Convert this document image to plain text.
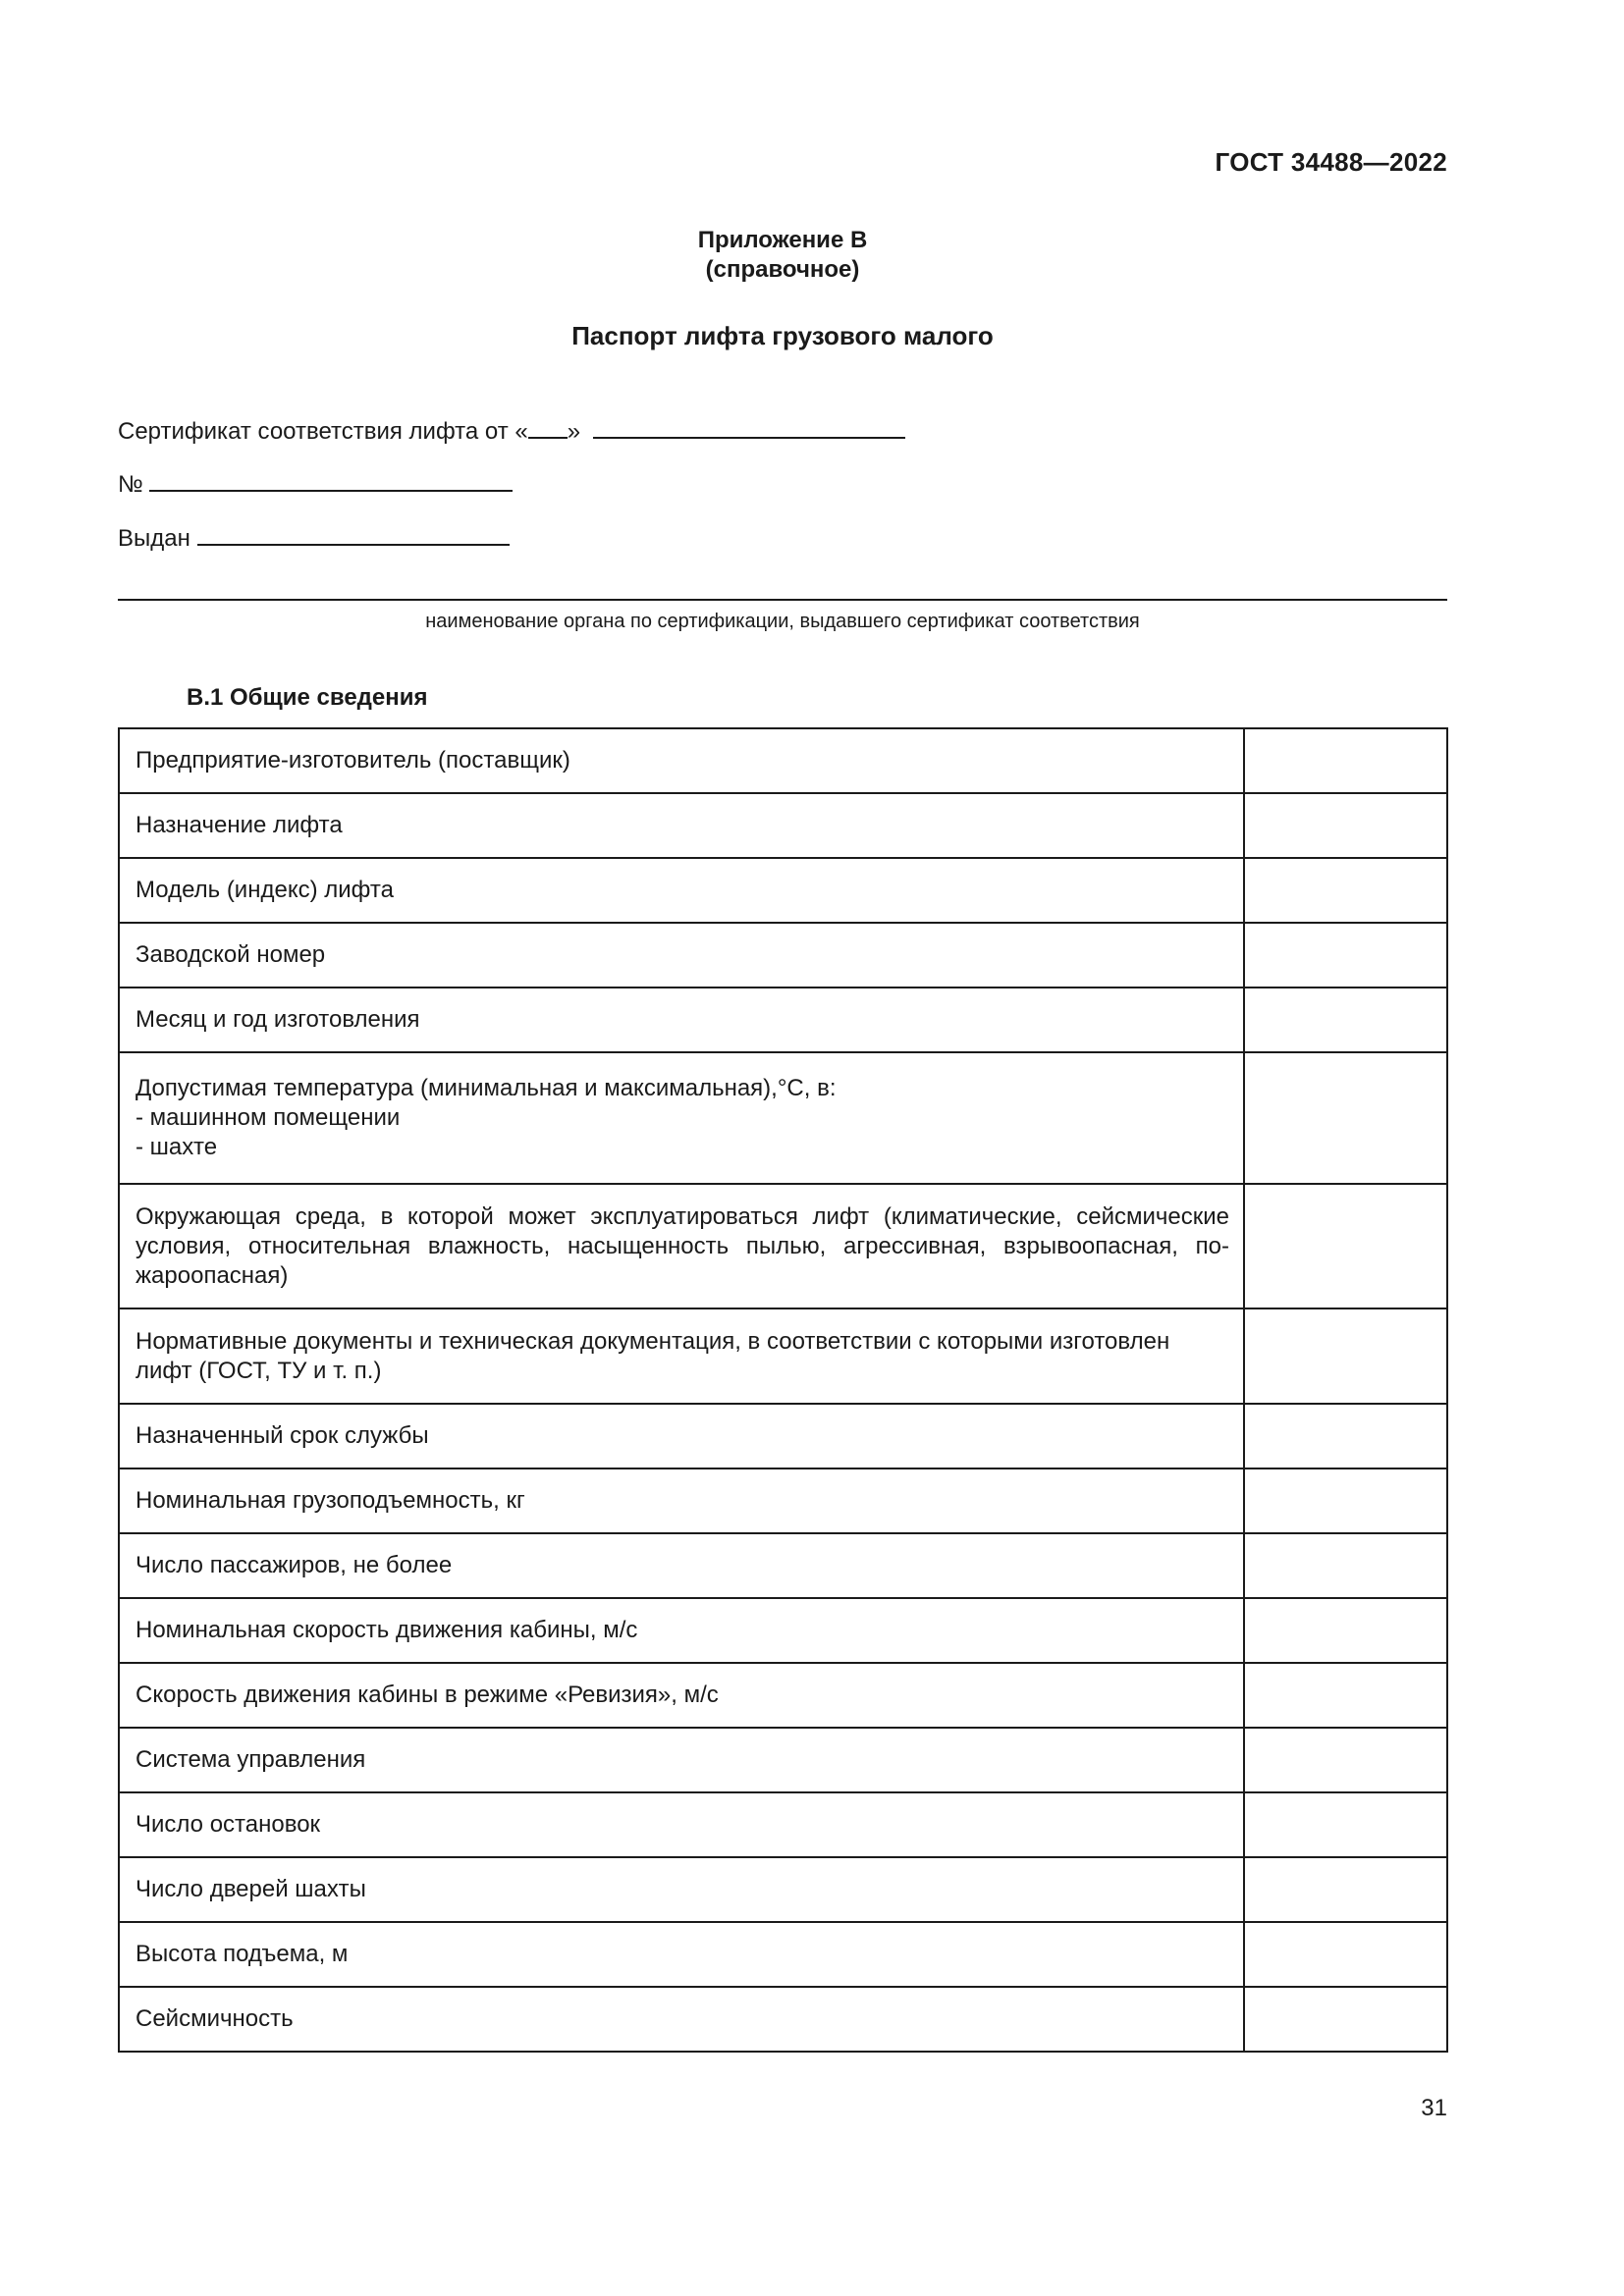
ГОСТ 34488—2022
Приложение В
(справочное)
Паспорт лифта грузового малого
Сертификат соответствия лифта от « »
№
Выдан
наименование органа по сертификации, выдавшего сертификат соответствия
В.1 Общие сведения
Предприятие-изготовитель (поставщик)	
Назначение лифта	
Модель (индекс) лифта	
Заводской номер	
Месяц и год изготовления	

Допустимая температура (минимальная и максимальная),°С, в:
- машинном помещении
- шахте	

Окружающая среда, в которой может эксплуатироваться лифт (климатические, сейсмические условия, относительная влажность, насыщенность пылью, агрессивная, взрывоопасная, по-жароопасная)	
Нормативные документы и техническая документация, в соответствии с которыми изготовлен лифт (ГОСТ, ТУ и т. п.)	
Назначенный срок службы	
Номинальная грузоподъемность, кг	
Число пассажиров, не более	
Номинальная скорость движения кабины, м/с	
Скорость движения кабины в режиме «Ревизия», м/с	
Система управления	
Число остановок	
Число дверей шахты	
Высота подъема, м	
Сейсмичность	
31
